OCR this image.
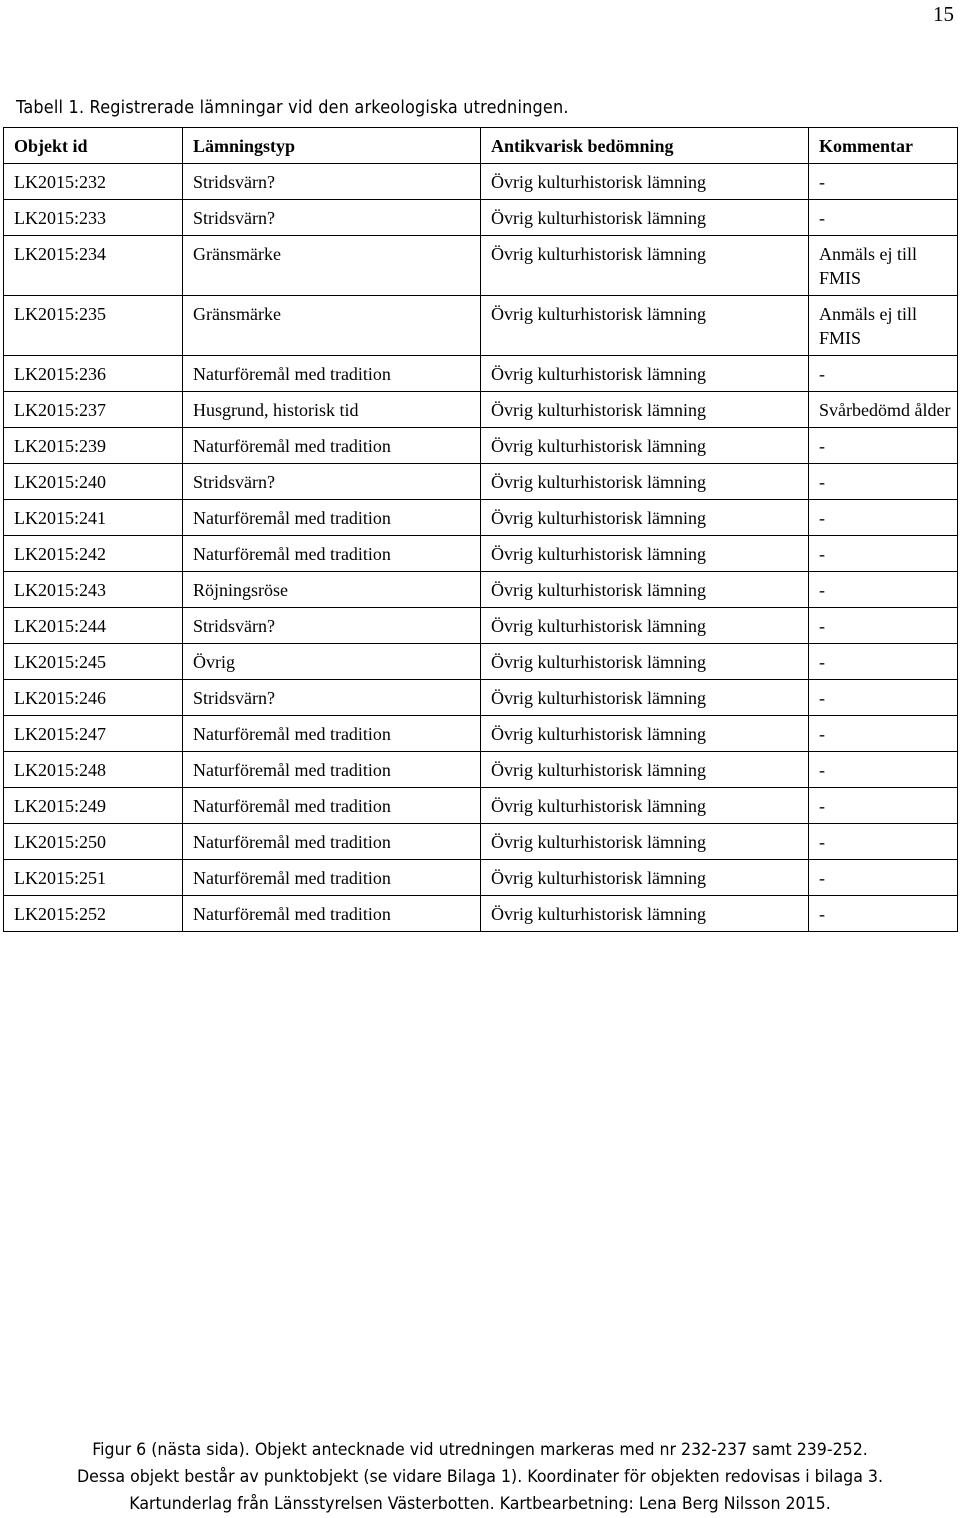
15
Tabell 1. Registrerade lämningar vid den arkeologiska utredningen.
Objekt id	Lämningstyp	Antikvarisk bedömning	Kommentar
LK2015:232	Stridsvärn?	Övrig kulturhistorisk lämning	-
LK2015:233	Stridsvärn?	Övrig kulturhistorisk lämning	-
LK2015:234	Gränsmärke	Övrig kulturhistorisk lämning	Anmäls ej till FMIS
LK2015:235	Gränsmärke	Övrig kulturhistorisk lämning	Anmäls ej till FMIS
LK2015:236	Naturföremål med tradition	Övrig kulturhistorisk lämning	-
LK2015:237	Husgrund, historisk tid	Övrig kulturhistorisk lämning	Svårbedömd ålder
LK2015:239	Naturföremål med tradition	Övrig kulturhistorisk lämning	-
LK2015:240	Stridsvärn?	Övrig kulturhistorisk lämning	-
LK2015:241	Naturföremål med tradition	Övrig kulturhistorisk lämning	-
LK2015:242	Naturföremål med tradition	Övrig kulturhistorisk lämning	-
LK2015:243	Röjningsröse	Övrig kulturhistorisk lämning	-
LK2015:244	Stridsvärn?	Övrig kulturhistorisk lämning	-
LK2015:245	Övrig	Övrig kulturhistorisk lämning	-
LK2015:246	Stridsvärn?	Övrig kulturhistorisk lämning	-
LK2015:247	Naturföremål med tradition	Övrig kulturhistorisk lämning	-
LK2015:248	Naturföremål med tradition	Övrig kulturhistorisk lämning	-
LK2015:249	Naturföremål med tradition	Övrig kulturhistorisk lämning	-
LK2015:250	Naturföremål med tradition	Övrig kulturhistorisk lämning	-
LK2015:251	Naturföremål med tradition	Övrig kulturhistorisk lämning	-
LK2015:252	Naturföremål med tradition	Övrig kulturhistorisk lämning	-
Figur 6 (nästa sida). Objekt antecknade vid utredningen markeras med nr 232-237 samt 239-252.
Dessa objekt består av punktobjekt (se vidare Bilaga 1). Koordinater för objekten redovisas i bilaga 3.
Kartunderlag från Länsstyrelsen Västerbotten. Kartbearbetning: Lena Berg Nilsson 2015.
